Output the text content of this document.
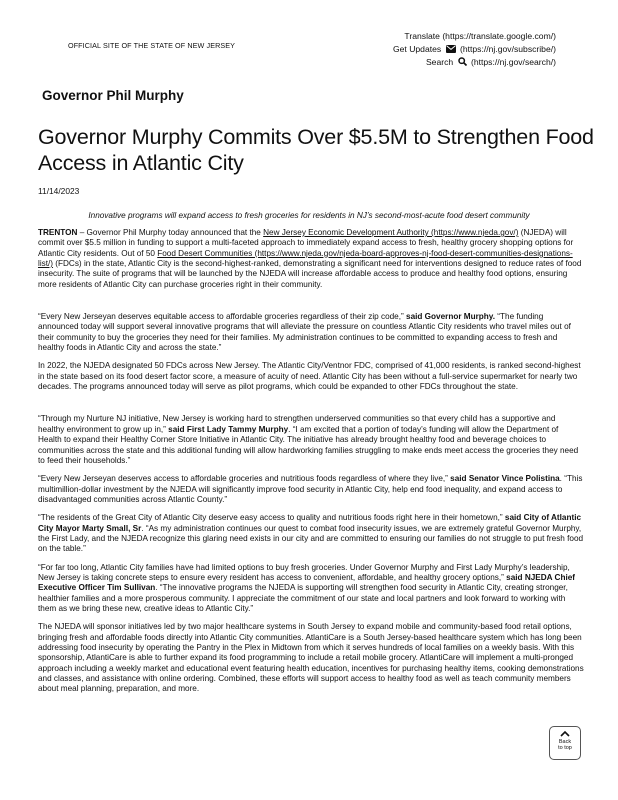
OFFICIAL SITE OF THE STATE OF NEW JERSEY
Translate (https://translate.google.com/)
Get Updates (https://nj.gov/subscribe/)
Search (https://nj.gov/search/)
Governor Phil Murphy
Governor Murphy Commits Over $5.5M to Strengthen Food Access in Atlantic City
11/14/2023
Innovative programs will expand access to fresh groceries for residents in NJ’s second-most-acute food desert community

TRENTON – Governor Phil Murphy today announced that the New Jersey Economic Development Authority (https://www.njeda.gov/) (NJEDA) will commit over $5.5 million in funding to support a multi-faceted approach to immediately expand access to fresh, healthy grocery shopping options for Atlantic City residents. Out of 50 Food Desert Communities (https://www.njeda.gov/njeda-board-approves-nj-food-desert-communities-designations-list/) (FDCs) in the state, Atlantic City is the second-highest-ranked, demonstrating a significant need for interventions designed to reduce rates of food insecurity. The suite of programs that will be launched by the NJEDA will increase affordable access to produce and healthy food options, ensuring more residents of Atlantic City can purchase groceries right in their community.

“Every New Jerseyan deserves equitable access to affordable groceries regardless of their zip code,” said Governor Murphy. “The funding announced today will support several innovative programs that will alleviate the pressure on countless Atlantic City residents who travel miles out of their community to buy the groceries they need for their families. My administration continues to be committed to expanding access to fresh and healthy foods in Atlantic City and across the state.”

In 2022, the NJEDA designated 50 FDCs across New Jersey. The Atlantic City/Ventnor FDC, comprised of 41,000 residents, is ranked second-highest in the state based on its food desert factor score, a measure of acuity of need. Atlantic City has been without a full-service supermarket for nearly two decades. The programs announced today will serve as pilot programs, which could be expanded to other FDCs throughout the state.

“Through my Nurture NJ initiative, New Jersey is working hard to strengthen underserved communities so that every child has a supportive and healthy environment to grow up in,” said First Lady Tammy Murphy. “I am excited that a portion of today’s funding will allow the Department of Health to expand their Healthy Corner Store Initiative in Atlantic City. The initiative has already brought healthy food and beverage choices to communities across the state and this additional funding will allow hardworking families struggling to make ends meet access the groceries they need to feed their households.”

“Every New Jerseyan deserves access to affordable groceries and nutritious foods regardless of where they live,” said Senator Vince Polistina. “This multimillion-dollar investment by the NJEDA will significantly improve food security in Atlantic City, help end food inequality, and expand access to disadvantaged communities across Atlantic County.”

“The residents of the Great City of Atlantic City deserve easy access to quality and nutritious foods right here in their hometown,” said City of Atlantic City Mayor Marty Small, Sr. “As my administration continues our quest to combat food insecurity issues, we are extremely grateful Governor Murphy, the First Lady, and the NJEDA recognize this glaring need exists in our city and are committed to ensuring our families do not struggle to put fresh food on the table.”

“For far too long, Atlantic City families have had limited options to buy fresh groceries. Under Governor Murphy and First Lady Murphy’s leadership, New Jersey is taking concrete steps to ensure every resident has access to convenient, affordable, and healthy grocery options,” said NJEDA Chief Executive Officer Tim Sullivan. “The innovative programs the NJEDA is supporting will strengthen food security in Atlantic City, creating stronger, healthier families and a more prosperous community. I appreciate the commitment of our state and local partners and look forward to working with them as we bring these new, creative ideas to Atlantic City.”

The NJEDA will sponsor initiatives led by two major healthcare systems in South Jersey to expand mobile and community-based food retail options, bringing fresh and affordable foods directly into Atlantic City communities. AtlantiCare is a South Jersey-based healthcare system which has long been addressing food insecurity by operating the Pantry in the Plex in Midtown from which it serves hundreds of local families on a weekly basis. With this sponsorship, AtlantiCare is able to further expand its food programming to include a retail mobile grocery. AtlantiCare will implement a multi-pronged approach including a weekly market and educational event featuring health education, incentives for purchasing healthy items, cooking demonstrations and classes, and assistance with online ordering. Combined, these efforts will support access to healthy food as well as teach community members about meal planning, preparation, and more.

Back
to top
